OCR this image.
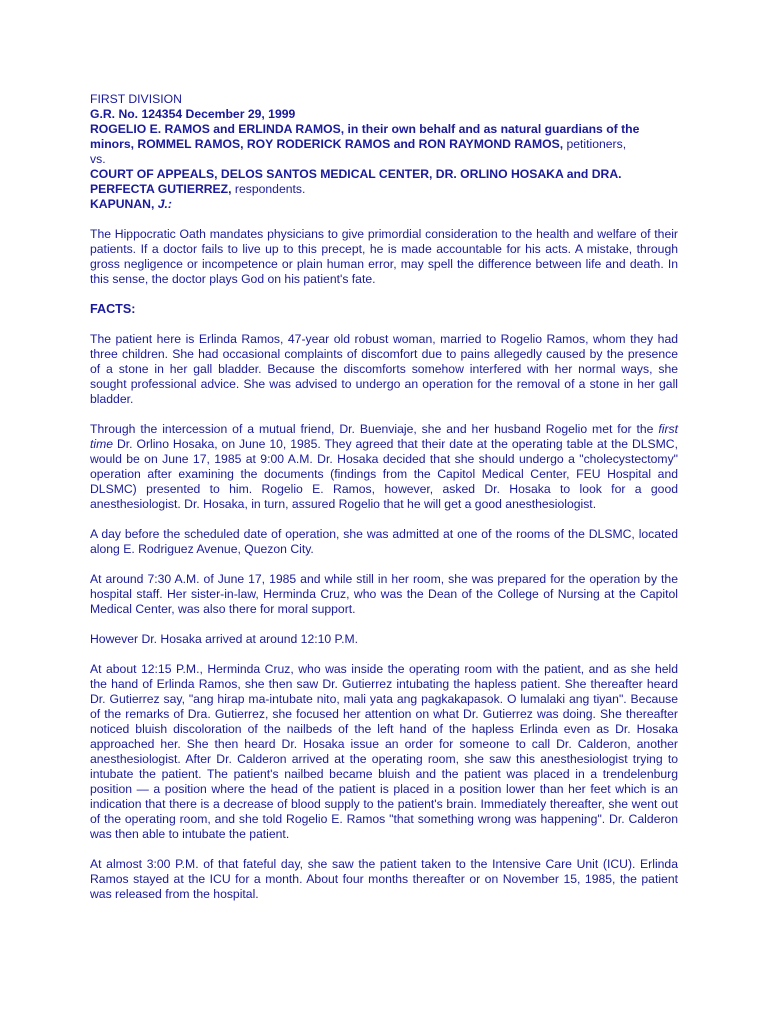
FIRST DIVISION
G.R. No. 124354 December 29, 1999
ROGELIO E. RAMOS and ERLINDA RAMOS, in their own behalf and as natural guardians of the minors, ROMMEL RAMOS, ROY RODERICK RAMOS and RON RAYMOND RAMOS, petitioners,
vs.
COURT OF APPEALS, DELOS SANTOS MEDICAL CENTER, DR. ORLINO HOSAKA and DRA. PERFECTA GUTIERREZ, respondents.
KAPUNAN, J.:

The Hippocratic Oath mandates physicians to give primordial consideration to the health and welfare of their patients. If a doctor fails to live up to this precept, he is made accountable for his acts. A mistake, through gross negligence or incompetence or plain human error, may spell the difference between life and death. In this sense, the doctor plays God on his patient's fate.

FACTS:

The patient here is Erlinda Ramos, 47-year old robust woman, married to Rogelio Ramos, whom they had three children. She had occasional complaints of discomfort due to pains allegedly caused by the presence of a stone in her gall bladder. Because the discomforts somehow interfered with her normal ways, she sought professional advice. She was advised to undergo an operation for the removal of a stone in her gall bladder.

Through the intercession of a mutual friend, Dr. Buenviaje, she and her husband Rogelio met for the first time Dr. Orlino Hosaka, on June 10, 1985. They agreed that their date at the operating table at the DLSMC, would be on June 17, 1985 at 9:00 A.M. Dr. Hosaka decided that she should undergo a "cholecystectomy" operation after examining the documents (findings from the Capitol Medical Center, FEU Hospital and DLSMC) presented to him. Rogelio E. Ramos, however, asked Dr. Hosaka to look for a good anesthesiologist. Dr. Hosaka, in turn, assured Rogelio that he will get a good anesthesiologist.

A day before the scheduled date of operation, she was admitted at one of the rooms of the DLSMC, located along E. Rodriguez Avenue, Quezon City.

At around 7:30 A.M. of June 17, 1985 and while still in her room, she was prepared for the operation by the hospital staff. Her sister-in-law, Herminda Cruz, who was the Dean of the College of Nursing at the Capitol Medical Center, was also there for moral support.

However Dr. Hosaka arrived at around 12:10 P.M.

At about 12:15 P.M., Herminda Cruz, who was inside the operating room with the patient, and as she held the hand of Erlinda Ramos, she then saw Dr. Gutierrez intubating the hapless patient. She thereafter heard Dr. Gutierrez say, "ang hirap ma-intubate nito, mali yata ang pagkakapasok. O lumalaki ang tiyan". Because of the remarks of Dra. Gutierrez, she focused her attention on what Dr. Gutierrez was doing. She thereafter noticed bluish discoloration of the nailbeds of the left hand of the hapless Erlinda even as Dr. Hosaka approached her. She then heard Dr. Hosaka issue an order for someone to call Dr. Calderon, another anesthesiologist. After Dr. Calderon arrived at the operating room, she saw this anesthesiologist trying to intubate the patient. The patient's nailbed became bluish and the patient was placed in a trendelenburg position — a position where the head of the patient is placed in a position lower than her feet which is an indication that there is a decrease of blood supply to the patient's brain. Immediately thereafter, she went out of the operating room, and she told Rogelio E. Ramos "that something wrong was happening". Dr. Calderon was then able to intubate the patient.

At almost 3:00 P.M. of that fateful day, she saw the patient taken to the Intensive Care Unit (ICU). Erlinda Ramos stayed at the ICU for a month. About four months thereafter or on November 15, 1985, the patient was released from the hospital.
